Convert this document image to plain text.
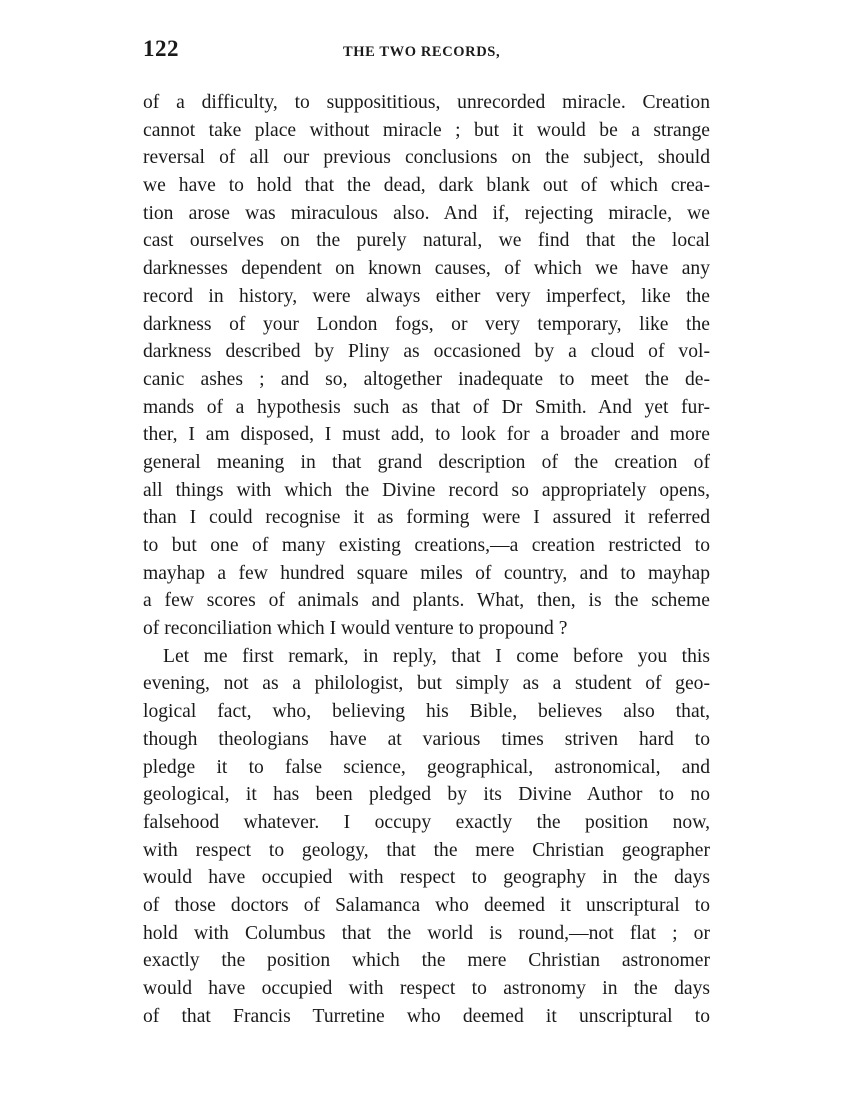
122	THE TWO RECORDS,
of a difficulty, to supposititious, unrecorded miracle. Creation
cannot take place without miracle ; but it would be a strange
reversal of all our previous conclusions on the subject, should
we have to hold that the dead, dark blank out of which crea-
tion arose was miraculous also. And if, rejecting miracle, we
cast ourselves on the purely natural, we find that the local
darknesses dependent on known causes, of which we have any
record in history, were always either very imperfect, like the
darkness of your London fogs, or very temporary, like the
darkness described by Pliny as occasioned by a cloud of vol-
canic ashes ; and so, altogether inadequate to meet the de-
mands of a hypothesis such as that of Dr Smith. And yet fur-
ther, I am disposed, I must add, to look for a broader and more
general meaning in that grand description of the creation of
all things with which the Divine record so appropriately opens,
than I could recognise it as forming were I assured it referred
to but one of many existing creations,—a creation restricted to
mayhap a few hundred square miles of country, and to mayhap
a few scores of animals and plants. What, then, is the scheme
of reconciliation which I would venture to propound ?
Let me first remark, in reply, that I come before you this
evening, not as a philologist, but simply as a student of geo-
logical fact, who, believing his Bible, believes also that,
though theologians have at various times striven hard to
pledge it to false science, geographical, astronomical, and
geological, it has been pledged by its Divine Author to no
falsehood whatever. I occupy exactly the position now,
with respect to geology, that the mere Christian geographer
would have occupied with respect to geography in the days
of those doctors of Salamanca who deemed it unscriptural to
hold with Columbus that the world is round,—not flat ; or
exactly the position which the mere Christian astronomer
would have occupied with respect to astronomy in the days
of that Francis Turretine who deemed it unscriptural to
